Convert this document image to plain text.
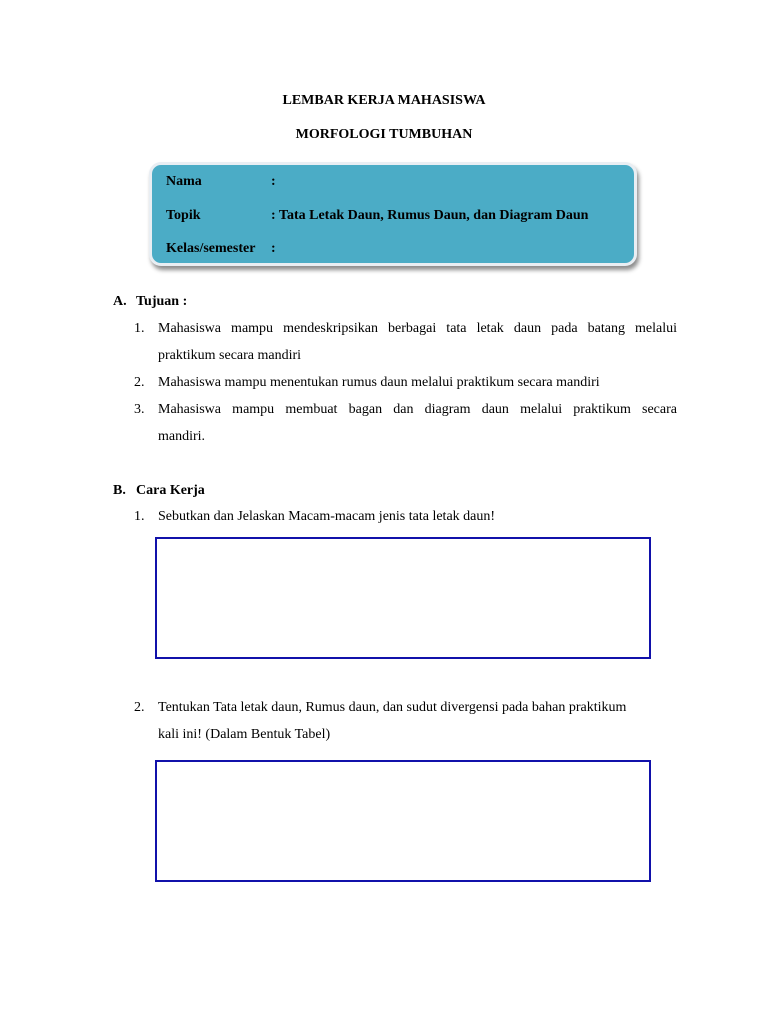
LEMBAR KERJA MAHASISWA
MORFOLOGI TUMBUHAN
Nama	:
Topik	: Tata Letak Daun, Rumus Daun, dan Diagram Daun
Kelas/semester :
A. Tujuan :
1. Mahasiswa mampu mendeskripsikan berbagai tata letak daun pada batang melalui
praktikum secara mandiri
2. Mahasiswa mampu menentukan rumus daun melalui praktikum secara mandiri
3. Mahasiswa mampu membuat bagan dan diagram daun melalui praktikum secara
mandiri.
B. Cara Kerja
1. Sebutkan dan Jelaskan Macam-macam jenis tata letak daun!
2. Tentukan Tata letak daun, Rumus daun, dan sudut divergensi pada bahan praktikum
kali ini! (Dalam Bentuk Tabel)
